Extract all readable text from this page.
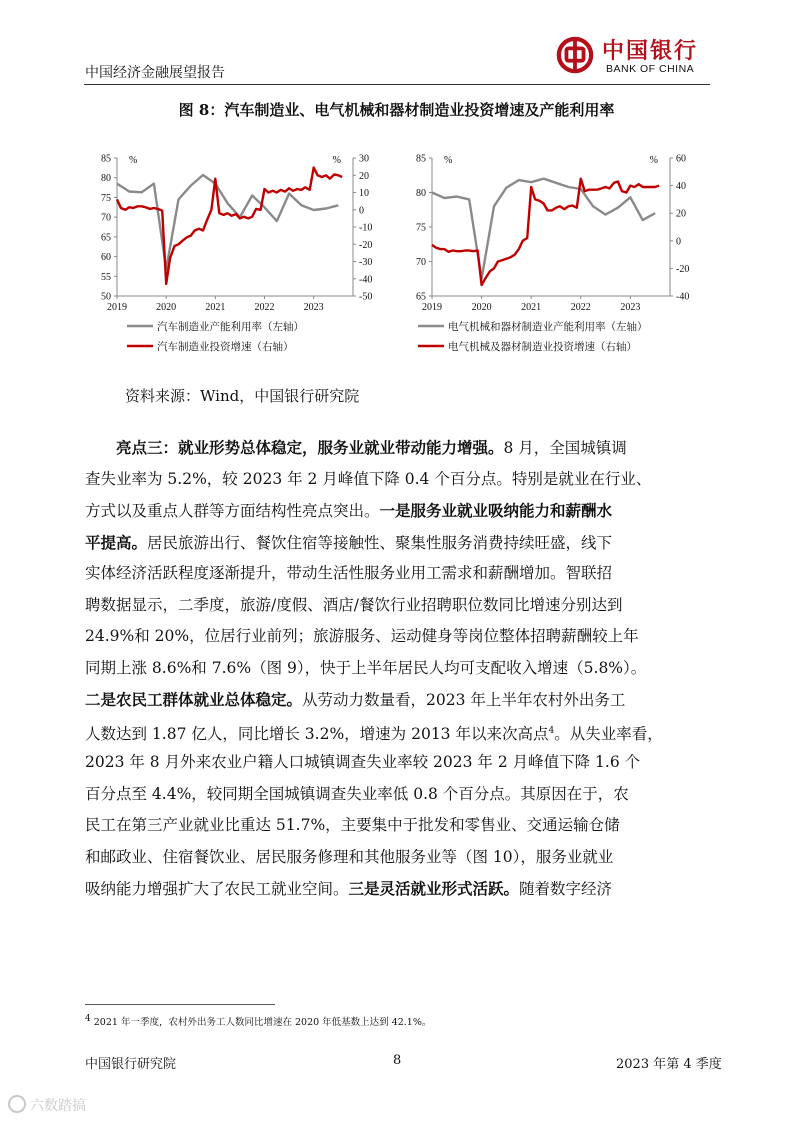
中国经济金融展望报告
中国银行
BANK OF CHINA
图 8：汽车制造业、电气机械和器材制造业投资增速及产能利用率
85
80
75
70
65
60
55
50
30
20
10
0
-10
-20
-30
-40
-50
2019	2020	2021	2022	2023
%	%
汽车制造业产能利用率（左轴）
汽车制造业投资增速（右轴）
85
80
75
70
65
60
40
20
0
-20
-40
2019	2020	2021	2022	2023
%	%
电气机械和器材制造业产能利用率（左轴）
电气机械及器材制造业投资增速（右轴）
资料来源：Wind，中国银行研究院
亮点三：就业形势总体稳定，服务业就业带动能力增强。8 月，全国城镇调
查失业率为 5.2%，较 2023 年 2 月峰值下降 0.4 个百分点。特别是就业在行业、
方式以及重点人群等方面结构性亮点突出。一是服务业就业吸纳能力和薪酬水
平提高。居民旅游出行、餐饮住宿等接触性、聚集性服务消费持续旺盛，线下
实体经济活跃程度逐渐提升，带动生活性服务业用工需求和薪酬增加。智联招
聘数据显示，二季度，旅游/度假、酒店/餐饮行业招聘职位数同比增速分别达到
24.9%和 20%，位居行业前列；旅游服务、运动健身等岗位整体招聘薪酬较上年
同期上涨 8.6%和 7.6%（图 9），快于上半年居民人均可支配收入增速（5.8%）。
二是农民工群体就业总体稳定。从劳动力数量看，2023 年上半年农村外出务工
人数达到 1.87 亿人，同比增长 3.2%，增速为 2013 年以来次高点$^4$。从失业率看，
2023 年 8 月外来农业户籍人口城镇调查失业率较 2023 年 2 月峰值下降 1.6 个
百分点至 4.4%，较同期全国城镇调查失业率低 0.8 个百分点。其原因在于，农
民工在第三产业就业比重达 51.7%，主要集中于批发和零售业、交通运输仓储
和邮政业、住宿餐饮业、居民服务修理和其他服务业等（图 10），服务业就业
吸纳能力增强扩大了农民工就业空间。三是灵活就业形式活跃。随着数字经济
$^4$ 2021 年一季度，农村外出务工人数同比增速在 2020 年低基数上达到 42.1%。
中国银行研究院	8	2023 年第 4 季度
六数踏搞
